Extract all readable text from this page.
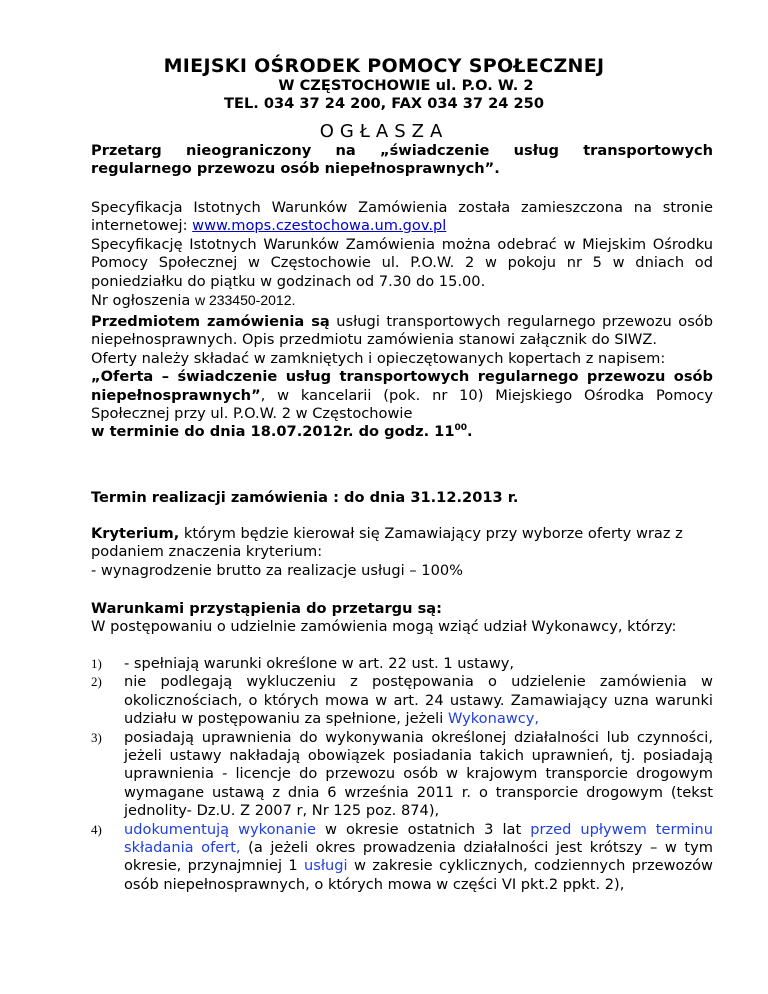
MIEJSKI OŚRODEK POMOCY SPOŁECZNEJ
W CZĘSTOCHOWIE ul. P.O. W. 2
TEL. 034 37 24 200, FAX 034 37 24 250
OGŁASZA
Przetarg nieograniczony na „świadczenie usług transportowych
regularnego przewozu osób niepełnosprawnych”.
Specyfikacja Istotnych Warunków Zamówienia została zamieszczona na stronie internetowej: www.mops.czestochowa.um.gov.pl
Specyfikację Istotnych Warunków Zamówienia można odebrać w Miejskim Ośrodku Pomocy Społecznej w Częstochowie ul. P.O.W. 2 w pokoju nr 5 w dniach od poniedziałku do piątku w godzinach od 7.30 do 15.00.
Nr ogłoszenia w 233450-2012.
Przedmiotem zamówienia są usługi transportowych regularnego przewozu osób niepełnosprawnych. Opis przedmiotu zamówienia stanowi załącznik do SIWZ.
Oferty należy składać w zamkniętych i opieczętowanych kopertach z napisem:
„Oferta – świadczenie usług transportowych regularnego przewozu osób niepełnosprawnych”, w kancelarii (pok. nr 10) Miejskiego Ośrodka Pomocy Społecznej przy ul. P.O.W. 2 w Częstochowie
w terminie do dnia 18.07.2012r. do godz. $11^{00}$.
Termin realizacji zamówienia : do dnia 31.12.2013 r.
Kryterium, którym będzie kierował się Zamawiający przy wyborze oferty wraz z podaniem znaczenia kryterium:
- wynagrodzenie brutto za realizacje usługi – 100%
Warunkami przystąpienia do przetargu są:
W postępowaniu o udzielnie zamówienia mogą wziąć udział Wykonawcy, którzy:
1)	- spełniają warunki określone w art. 22 ust. 1 ustawy,
2)	nie podlegają wykluczeniu z postępowania o udzielenie zamówienia w okolicznościach, o których mowa w art. 24 ustawy. Zamawiający uzna warunki udziału w postępowaniu za spełnione, jeżeli Wykonawcy,
3)	posiadają uprawnienia do wykonywania określonej działalności lub czynności, jeżeli ustawy nakładają obowiązek posiadania takich uprawnień, tj. posiadają uprawnienia - licencje do przewozu osób w krajowym transporcie drogowym wymagane ustawą z dnia 6 września 2011 r. o transporcie drogowym (tekst jednolity- Dz.U. Z 2007 r, Nr 125 poz. 874),
4)	udokumentują wykonanie w okresie ostatnich 3 lat przed upływem terminu składania ofert, (a jeżeli okres prowadzenia działalności jest krótszy – w tym okresie, przynajmniej 1 usługi w zakresie cyklicznych, codziennych przewozów osób niepełnosprawnych, o których mowa w części VI pkt.2 ppkt. 2),
